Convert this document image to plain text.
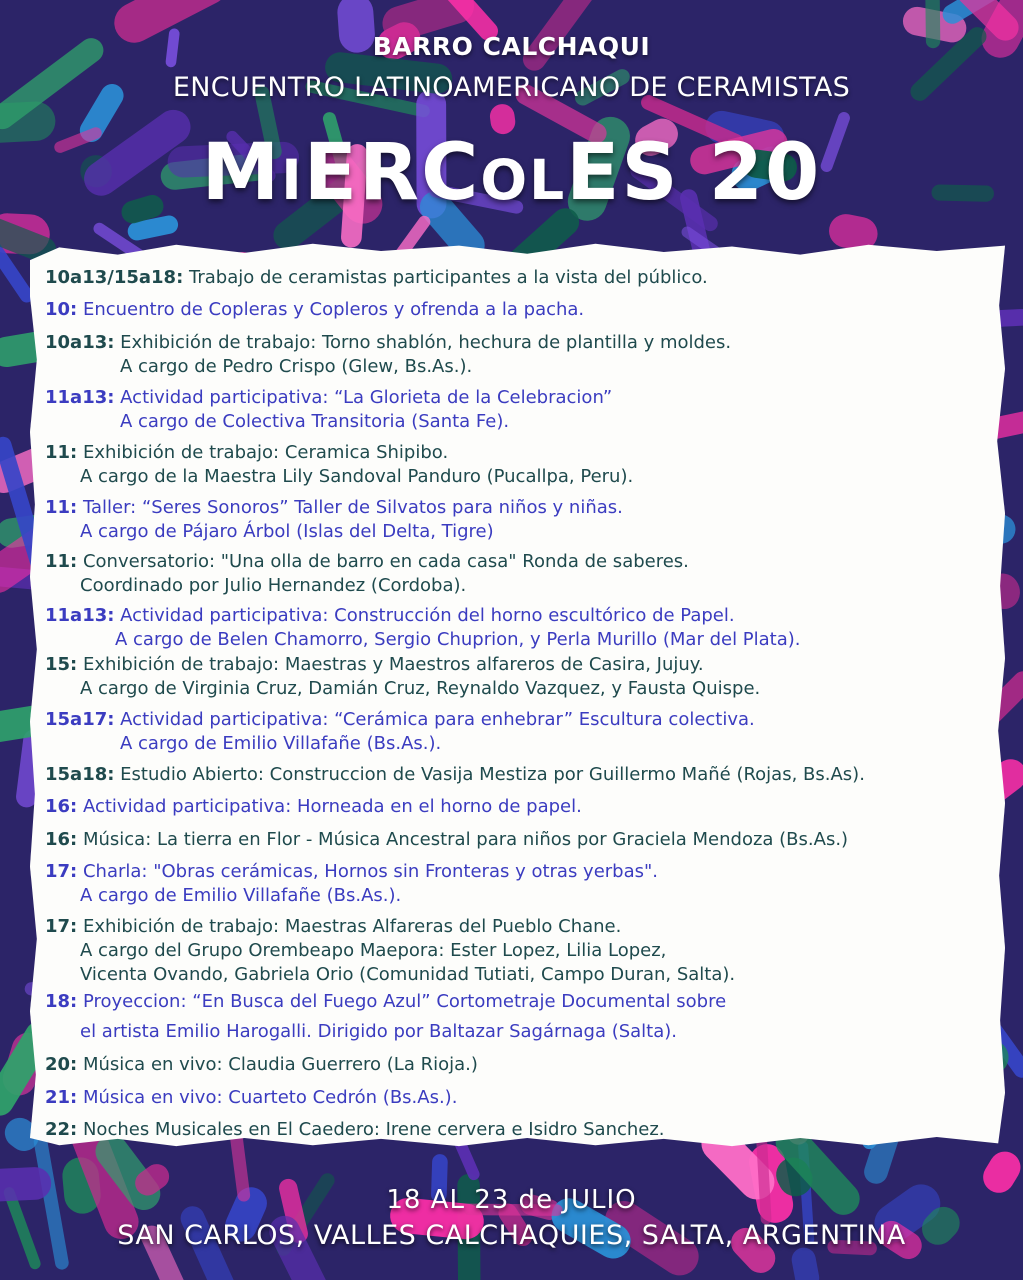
BARRO CALCHAQUI
ENCUENTRO LATINOAMERICANO DE CERAMISTAS
MiERColES 20
10a13/15a18: Trabajo de ceramistas participantes a la vista del público.
10: Encuentro de Copleras y Copleros y ofrenda a la pacha.
10a13: Exhibición de trabajo: Torno shablón, hechura de plantilla y moldes.
A cargo de Pedro Crispo (Glew, Bs.As.).
11a13: Actividad participativa: “La Glorieta de la Celebracion”
A cargo de Colectiva Transitoria (Santa Fe).
11: Exhibición de trabajo: Ceramica Shipibo.
A cargo de la Maestra Lily Sandoval Panduro (Pucallpa, Peru).
11: Taller: “Seres Sonoros” Taller de Silvatos para niños y niñas.
A cargo de Pájaro Árbol (Islas del Delta, Tigre)
11: Conversatorio: "Una olla de barro en cada casa" Ronda de saberes.
Coordinado por Julio Hernandez (Cordoba).
11a13: Actividad participativa: Construcción del horno escultórico de Papel.
A cargo de Belen Chamorro, Sergio Chuprion, y Perla Murillo (Mar del Plata).
15: Exhibición de trabajo: Maestras y Maestros alfareros de Casira, Jujuy.
A cargo de Virginia Cruz, Damián Cruz, Reynaldo Vazquez, y Fausta Quispe.
15a17: Actividad participativa: “Cerámica para enhebrar” Escultura colectiva.
A cargo de Emilio Villafañe (Bs.As.).
15a18: Estudio Abierto: Construccion de Vasija Mestiza por Guillermo Mañé (Rojas, Bs.As).
16: Actividad participativa: Horneada en el horno de papel.
16: Música: La tierra en Flor - Música Ancestral para niños por Graciela Mendoza (Bs.As.)
17: Charla: "Obras cerámicas, Hornos sin Fronteras y otras yerbas".
A cargo de Emilio Villafañe (Bs.As.).
17: Exhibición de trabajo: Maestras Alfareras del Pueblo Chane.
A cargo del Grupo Orembeapo Maepora: Ester Lopez, Lilia Lopez,
Vicenta Ovando, Gabriela Orio (Comunidad Tutiati, Campo Duran, Salta).
18: Proyeccion: “En Busca del Fuego Azul” Cortometraje Documental sobre
el artista Emilio Harogalli. Dirigido por Baltazar Sagárnaga (Salta).
20: Música en vivo: Claudia Guerrero (La Rioja.)
21: Música en vivo: Cuarteto Cedrón (Bs.As.).
22: Noches Musicales en El Caedero: Irene cervera e Isidro Sanchez.
18 AL 23 de JULIO
SAN CARLOS, VALLES CALCHAQUIES, SALTA, ARGENTINA
